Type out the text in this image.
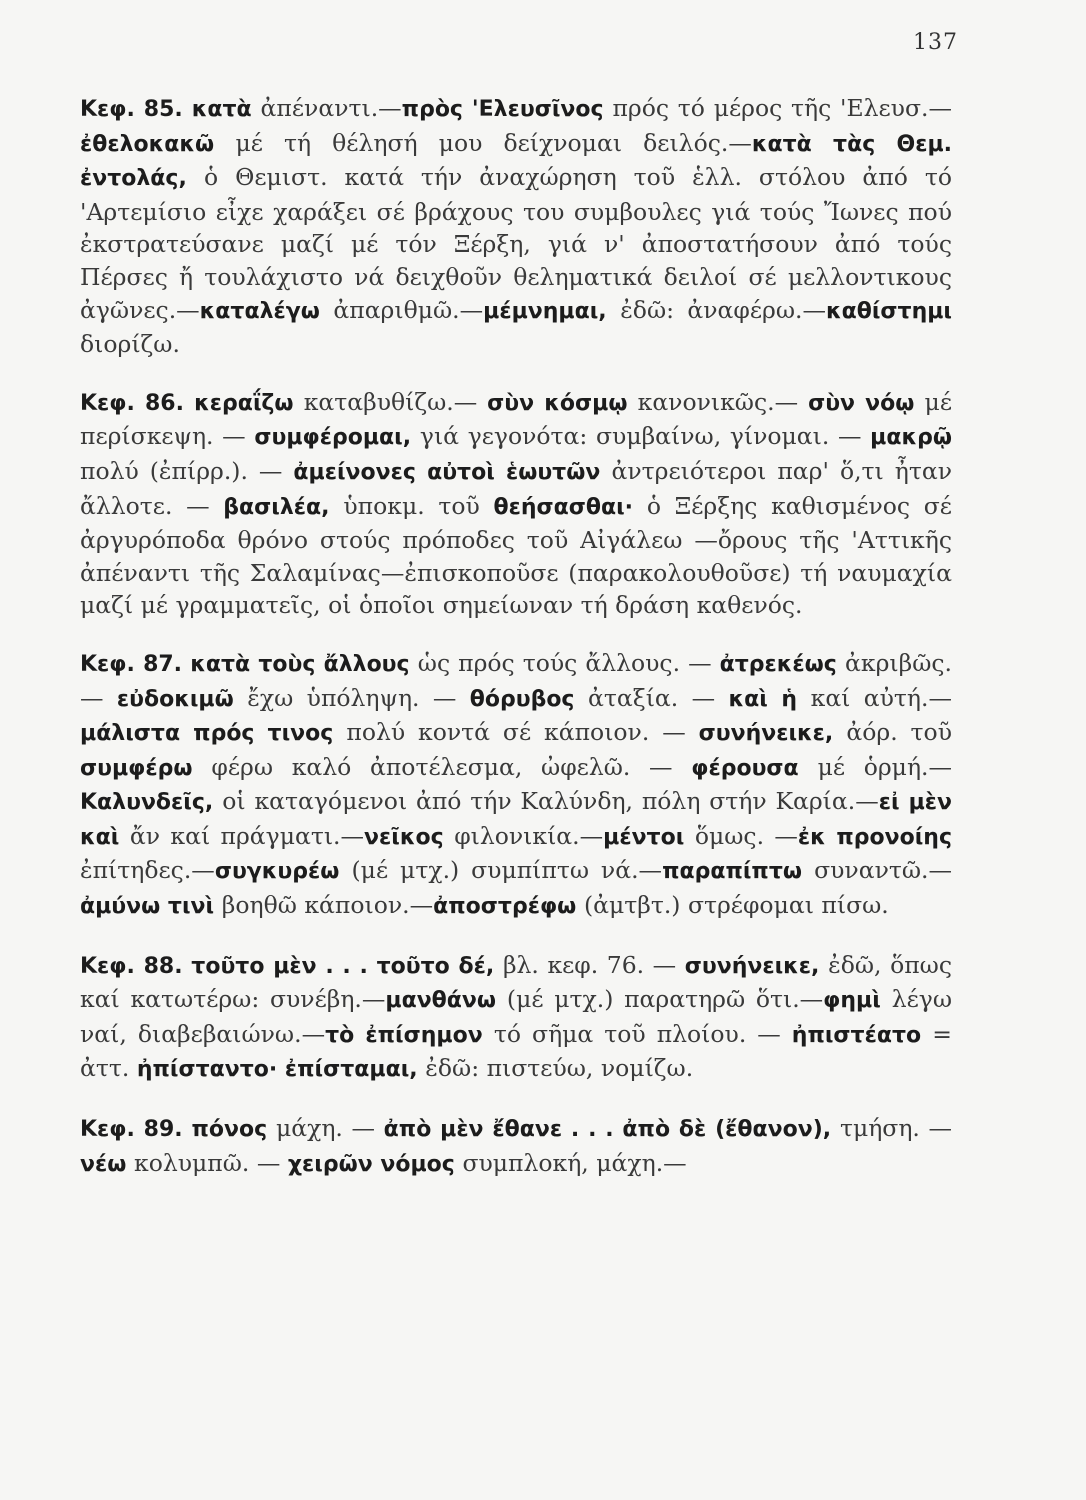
137

Κεφ. 85. κατὰ ἀπέναντι.—πρὸς 'Ελευσῖνος πρός τό μέρος τῆς 'Ελευσ.—ἐθελοκακῶ μέ τή θέλησή μου δείχνομαι δειλός.—κατὰ τὰς Θεμ. ἐντολάς, ὁ Θεμιστ. κατά τήν ἀναχώρηση τοῦ ἑλλ. στόλου ἀπό τό 'Αρτεμίσιο εἶχε χαράξει σέ βράχους του συμβουλες γιά τούς Ἴωνες πού ἐκστρατεύσανε μαζί μέ τόν Ξέρξη, γιά ν' ἀποστατήσουν ἀπό τούς Πέρσες ἤ τουλάχιστο νά δειχθοῦν θεληματικά δειλοί σέ μελλοντικους ἀγῶνες.—καταλέγω ἀπαριθμῶ.—μέμνημαι, ἐδῶ: ἀναφέρω.—καθίστημι διορίζω.

Κεφ. 86. κεραΐζω καταβυθίζω.— σὺν κόσμῳ κανονικῶς.— σὺν νόῳ μέ περίσκεψη. — συμφέρομαι, γιά γεγονότα: συμβαίνω, γίνομαι. — μακρῷ πολύ (ἐπίρρ.). — ἀμείνονες αὐτοὶ ἑωυτῶν ἀντρειότεροι παρ' ὅ,τι ἦταν ἄλλοτε. — βασιλέα, ὑποκμ. τοῦ θεήσασθαι· ὁ Ξέρξης καθισμένος σέ ἀργυρόποδα θρόνο στούς πρόποδες τοῦ Αἰγάλεω —ὄρους τῆς 'Αττικῆς ἀπέναντι τῆς Σαλαμίνας—ἐπισκοποῦσε (παρακολουθοῦσε) τή ναυμαχία μαζί μέ γραμματεῖς, οἱ ὁποῖοι σημείωναν τή δράση καθενός.

Κεφ. 87. κατὰ τοὺς ἄλλους ὡς πρός τούς ἄλλους. — ἀτρεκέως ἀκριβῶς. — εὐδοκιμῶ ἔχω ὑπόληψη. — θόρυβος ἀταξία. — καὶ ἡ καί αὐτή.—μάλιστα πρός τινος πολύ κοντά σέ κάποιον. — συνήνεικε, ἀόρ. τοῦ συμφέρω φέρω καλό ἀποτέλεσμα, ὠφελῶ. — φέρουσα μέ ὁρμή.—Καλυνδεῖς, οἱ καταγόμενοι ἀπό τήν Καλύνδη, πόλη στήν Καρία.—εἰ μὲν καὶ ἄν καί πράγματι.—νεῖκος φιλονικία.—μέντοι ὅμως. —ἐκ προνοίης ἐπίτηδες.—συγκυρέω (μέ μτχ.) συμπίπτω νά.—παραπίπτω συναντῶ.—ἀμύνω τινὶ βοηθῶ κάποιον.—ἀποστρέφω (ἀμτβτ.) στρέφομαι πίσω.

Κεφ. 88. τοῦτο μὲν . . . τοῦτο δέ, βλ. κεφ. 76. — συνήνεικε, ἐδῶ, ὅπως καί κατωτέρω: συνέβη.—μανθάνω (μέ μτχ.) παρατηρῶ ὅτι.—φημὶ λέγω ναί, διαβεβαιώνω.—τὸ ἐπίσημον τό σῆμα τοῦ πλοίου. — ἠπιστέατο = ἀττ. ἠπίσταντο· ἐπίσταμαι, ἐδῶ: πιστεύω, νομίζω.

Κεφ. 89. πόνος μάχη. — ἀπὸ μὲν ἔθανε . . . ἀπὸ δὲ (ἔθανον), τμήση. — νέω κολυμπῶ. — χειρῶν νόμος συμπλοκή, μάχη.—
